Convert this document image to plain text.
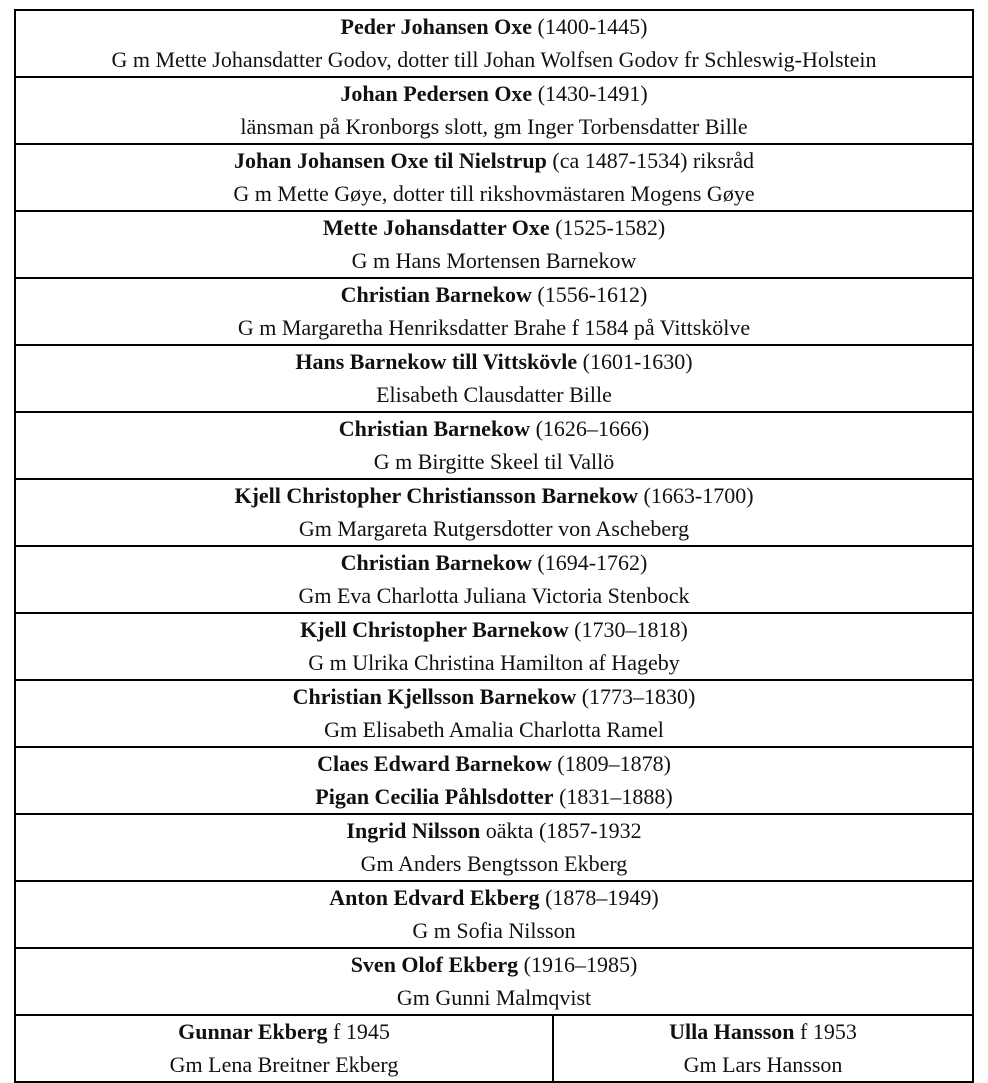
Peder Johansen Oxe (1400-1445)
G m Mette Johansdatter Godov, dotter till Johan Wolfsen Godov fr Schleswig-Holstein
Johan Pedersen Oxe (1430-1491)
länsman på Kronborgs slott, gm Inger Torbensdatter Bille
Johan Johansen Oxe til Nielstrup (ca 1487-1534) riksråd
G m Mette Gøye, dotter till rikshovmästaren Mogens Gøye
Mette Johansdatter Oxe (1525-1582)
G m Hans Mortensen Barnekow
Christian Barnekow (1556-1612)
G m Margaretha Henriksdatter Brahe f 1584 på Vittskölve
Hans Barnekow till Vittskövle (1601-1630)
Elisabeth Clausdatter Bille
Christian Barnekow (1626–1666)
G m Birgitte Skeel til Vallö
Kjell Christopher Christiansson Barnekow (1663-1700)
Gm Margareta Rutgersdotter von Ascheberg
Christian Barnekow (1694-1762)
Gm Eva Charlotta Juliana Victoria Stenbock
Kjell Christopher Barnekow (1730–1818)
G m Ulrika Christina Hamilton af Hageby
Christian Kjellsson Barnekow (1773–1830)
Gm Elisabeth Amalia Charlotta Ramel
Claes Edward Barnekow (1809–1878)
Pigan Cecilia Påhlsdotter (1831–1888)
Ingrid Nilsson oäkta (1857-1932
Gm Anders Bengtsson Ekberg
Anton Edvard Ekberg (1878–1949)
G m Sofia Nilsson
Sven Olof Ekberg (1916–1985)
Gm Gunni Malmqvist
Gunnar Ekberg f 1945
Gm Lena Breitner Ekberg
Ulla Hansson f 1953
Gm Lars Hansson
